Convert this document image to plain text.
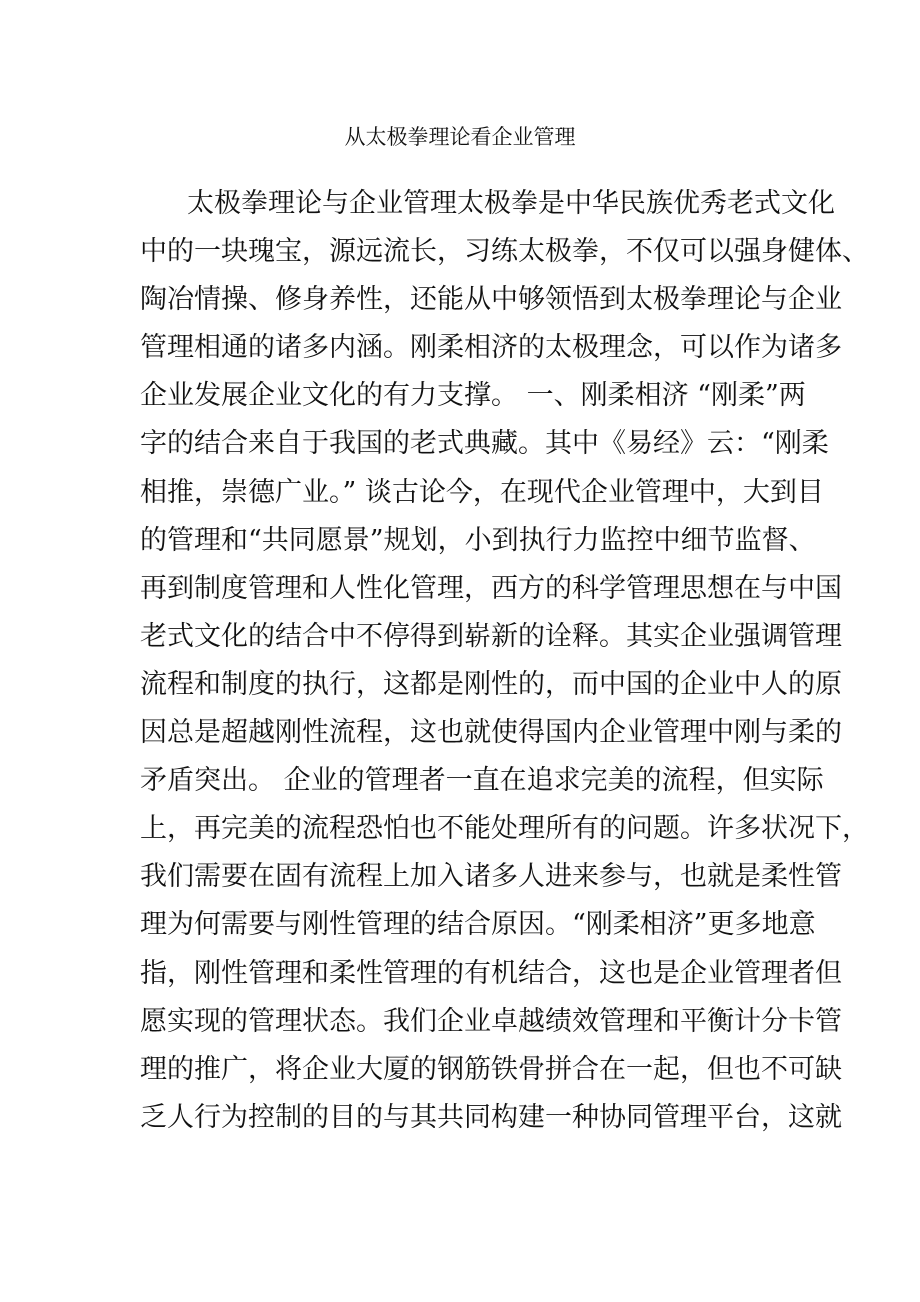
从太极拳理论看企业管理
太极拳理论与企业管理太极拳是中华民族优秀老式文化
中的一块瑰宝，源远流长，习练太极拳，不仅可以强身健体、
陶冶情操、修身养性，还能从中够领悟到太极拳理论与企业
管理相通的诸多内涵。刚柔相济的太极理念，可以作为诸多
企业发展企业文化的有力支撑。 一、刚柔相济 “刚柔”两
字的结合来自于我国的老式典藏。其中《易经》云：“刚柔
相推，崇德广业。” 谈古论今，在现代企业管理中，大到目
的管理和“共同愿景”规划，小到执行力监控中细节监督、
再到制度管理和人性化管理，西方的科学管理思想在与中国
老式文化的结合中不停得到崭新的诠释。其实企业强调管理
流程和制度的执行，这都是刚性的，而中国的企业中人的原
因总是超越刚性流程，这也就使得国内企业管理中刚与柔的
矛盾突出。 企业的管理者一直在追求完美的流程，但实际
上，再完美的流程恐怕也不能处理所有的问题。许多状况下，
我们需要在固有流程上加入诸多人进来参与，也就是柔性管
理为何需要与刚性管理的结合原因。“刚柔相济”更多地意
指，刚性管理和柔性管理的有机结合，这也是企业管理者但
愿实现的管理状态。我们企业卓越绩效管理和平衡计分卡管
理的推广，将企业大厦的钢筋铁骨拼合在一起，但也不可缺
乏人行为控制的目的与其共同构建一种协同管理平台，这就
